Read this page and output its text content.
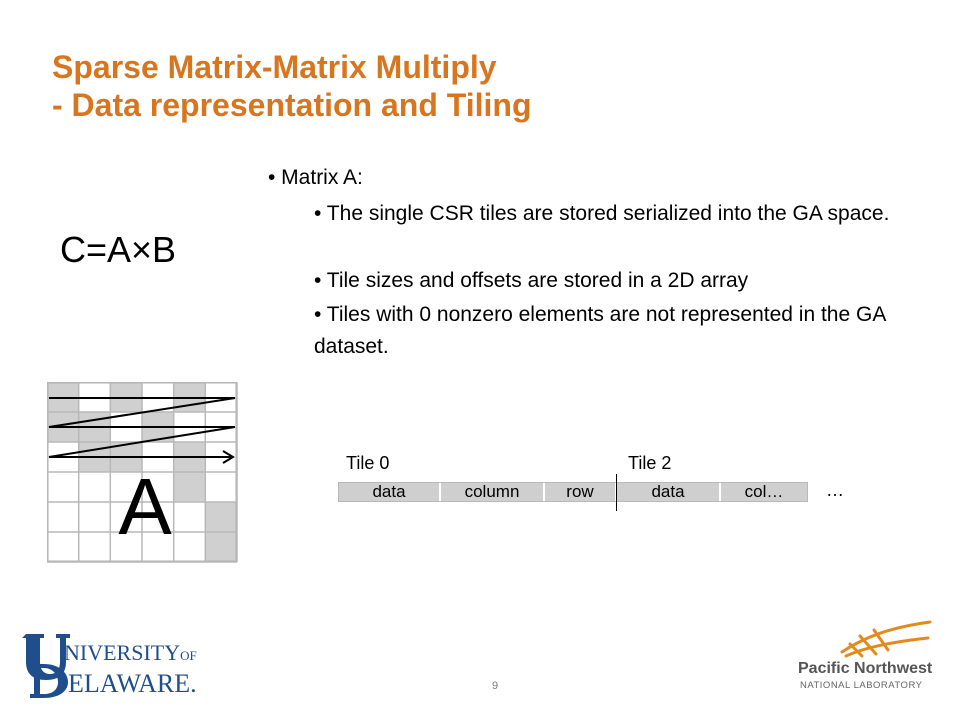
Sparse Matrix-Matrix Multiply
- Data representation and Tiling
C=A×B
• Matrix A:
• The single CSR tiles are stored serialized into the GA space.
• Tile sizes and offsets are stored in a 2D array
• Tiles with 0 nonzero elements are not represented in the GA dataset.
A	Tile 0	Tile 2
data	column	row	data	col…	…
9
NIVERSITYOF
ELAWARE.
Pacific Northwest
NATIONAL LABORATORY
